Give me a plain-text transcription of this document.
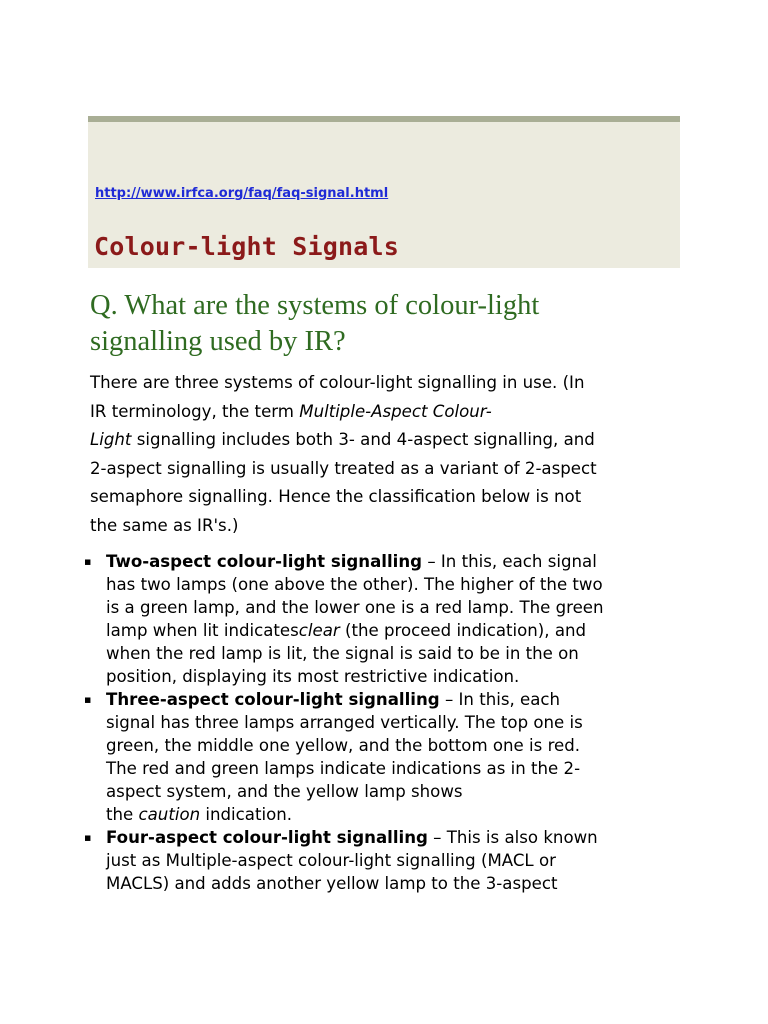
http://www.irfca.org/faq/faq-signal.html
Colour-light Signals
Q. What are the systems of colour-light
signalling used by IR?

There are three systems of colour-light signalling in use. (In
IR terminology, the term Multiple-Aspect Colour-
Light signalling includes both 3- and 4-aspect signalling, and
2-aspect signalling is usually treated as a variant of 2-aspect
semaphore signalling. Hence the classification below is not
the same as IR's.)

▪ Two-aspect colour-light signalling – In this, each signal
has two lamps (one above the other). The higher of the two
is a green lamp, and the lower one is a red lamp. The green
lamp when lit indicatesclear (the proceed indication), and
when the red lamp is lit, the signal is said to be in the on
position, displaying its most restrictive indication.
▪ Three-aspect colour-light signalling – In this, each
signal has three lamps arranged vertically. The top one is
green, the middle one yellow, and the bottom one is red.
The red and green lamps indicate indications as in the 2-
aspect system, and the yellow lamp shows
the caution indication.
▪ Four-aspect colour-light signalling – This is also known
just as Multiple-aspect colour-light signalling (MACL or
MACLS) and adds another yellow lamp to the 3-aspect
